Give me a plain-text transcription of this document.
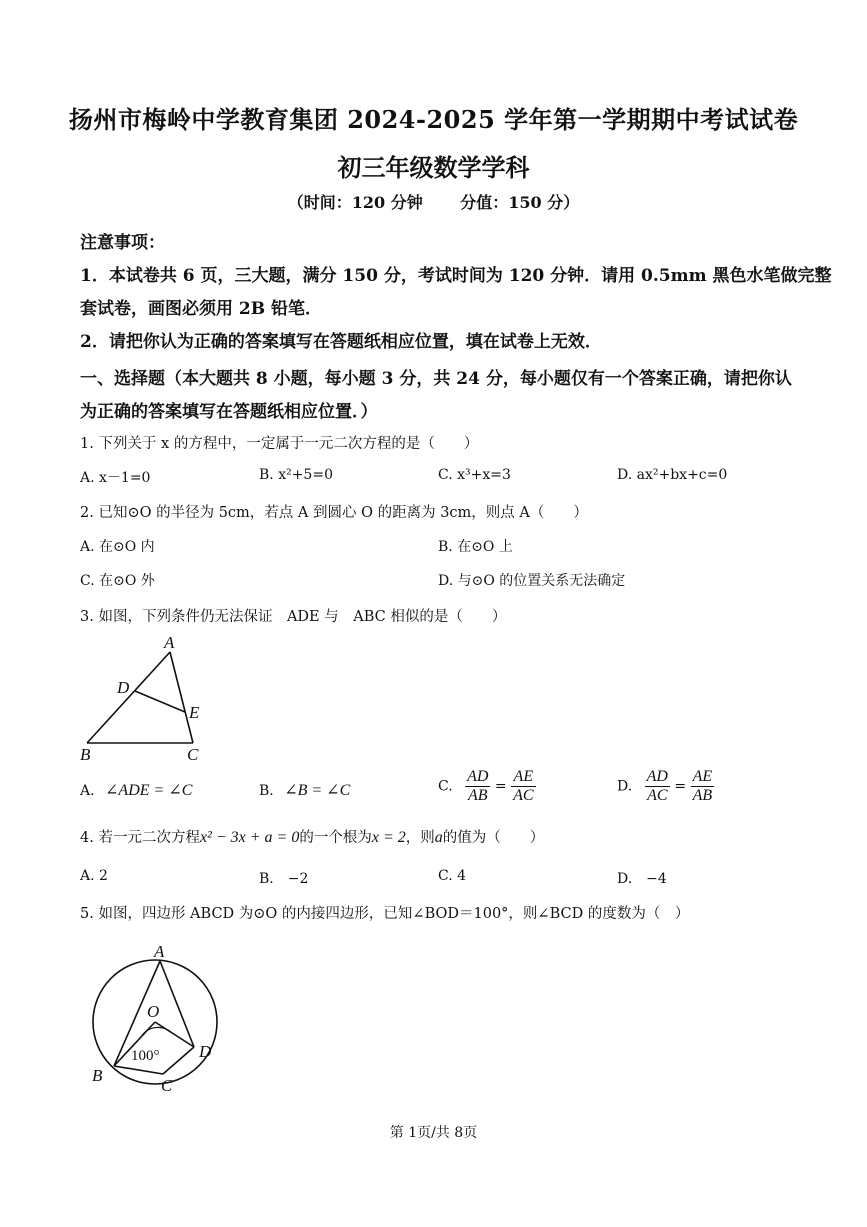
扬州市梅岭中学教育集团 2024-2025 学年第一学期期中考试试卷
初三年级数学学科
（时间：120 分钟　　 分值：150 分）
注意事项：
1．本试卷共 6 页，三大题，满分 150 分，考试时间为 120 分钟．请用 0.5mm 黑色水笔做完整
套试卷，画图必须用 2B 铅笔．
2．请把你认为正确的答案填写在答题纸相应位置，填在试卷上无效．
一、选择题（本大题共 8 小题，每小题 3 分，共 24 分，每小题仅有一个答案正确，请把你认
为正确的答案填写在答题纸相应位置．）
1. 下列关于 x 的方程中，一定属于一元二次方程的是（　　）
A. x－1=0	B. x²+5=0	C. x³+x=3	D. ax²+bx+c=0
2. 已知⊙O 的半径为 5cm，若点 A 到圆心 O 的距离为 3cm，则点 A（　　）
A. 在⊙O 内	B. 在⊙O 上
C. 在⊙O 外	D. 与⊙O 的位置关系无法确定
3. 如图，下列条件仍无法保证　ADE 与　ABC 相似的是（　　）
A
D
E
B	C
A. ∠ADE = ∠C	B. ∠B = ∠C	C. $\frac{AD}{AB} = \frac{AE}{AC}$	D. $\frac{AD}{AC} = \frac{AE}{AB}$
4. 若一元二次方程x² − 3x + a = 0的一个根为x = 2，则a的值为（　　）
A. 2	B.　−2	C. 4	D.　−4
5. 如图，四边形 ABCD 为⊙O 的内接四边形，已知∠BOD＝100°，则∠BCD 的度数为（　）
A
O
D
B
C
100°
第 1页/共 8页
